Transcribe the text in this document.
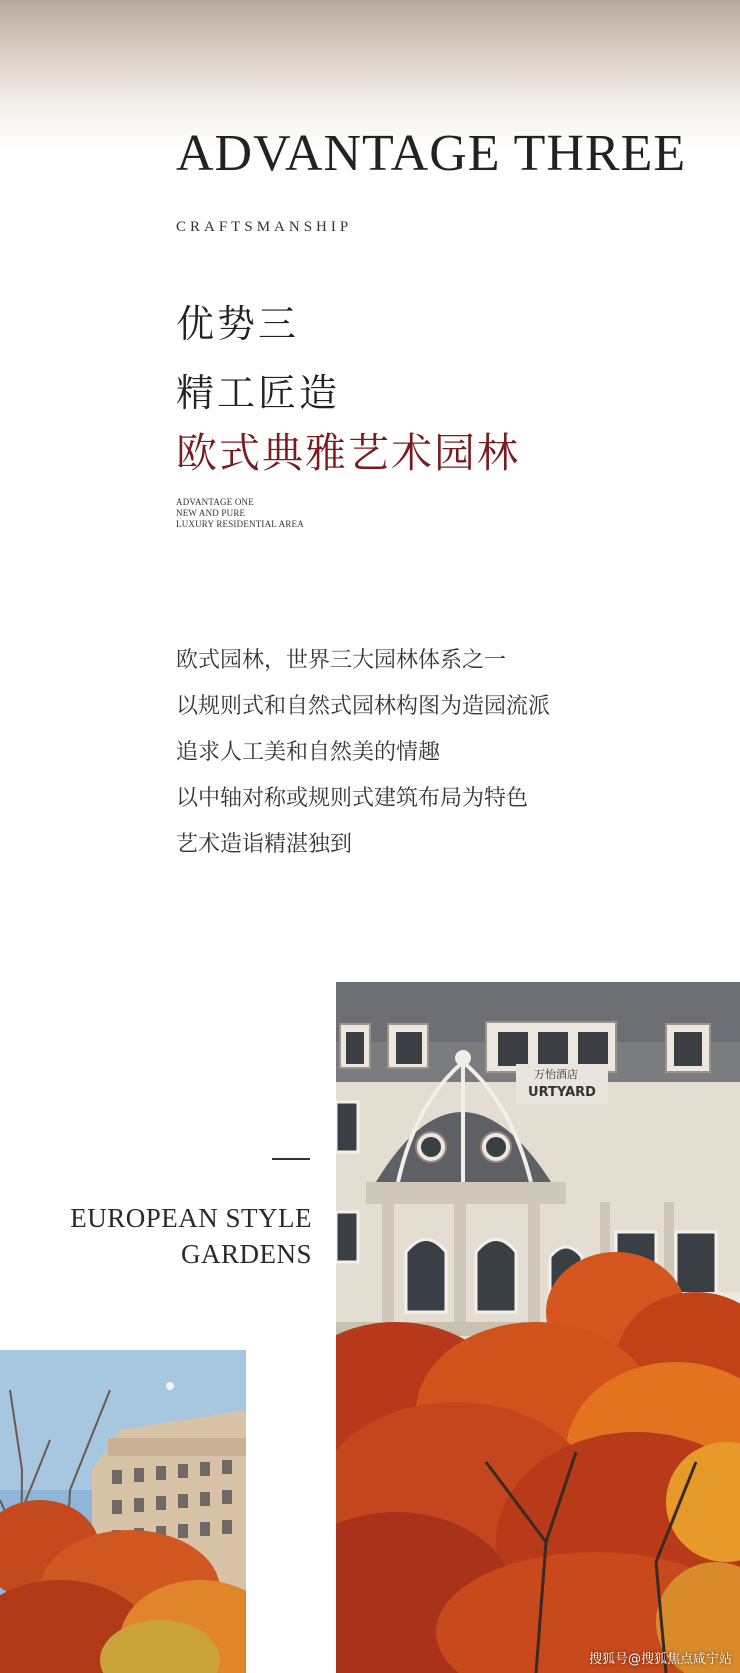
ADVANTAGE THREE

CRAFTSMANSHIP

优势三
精工匠造
欧式典雅艺术园林
ADVANTAGE ONE
NEW AND PURE
LUXURY RESIDENTIAL AREA

欧式园林，世界三大园林体系之一

以规则式和自然式园林构图为造园流派

追求人工美和自然美的情趣

以中轴对称或规则式建筑布局为特色

艺术造诣精湛独到

EUROPEAN STYLE
GARDENS
万怡酒店
URTYARD

搜狐号@搜狐焦点咸宁站
